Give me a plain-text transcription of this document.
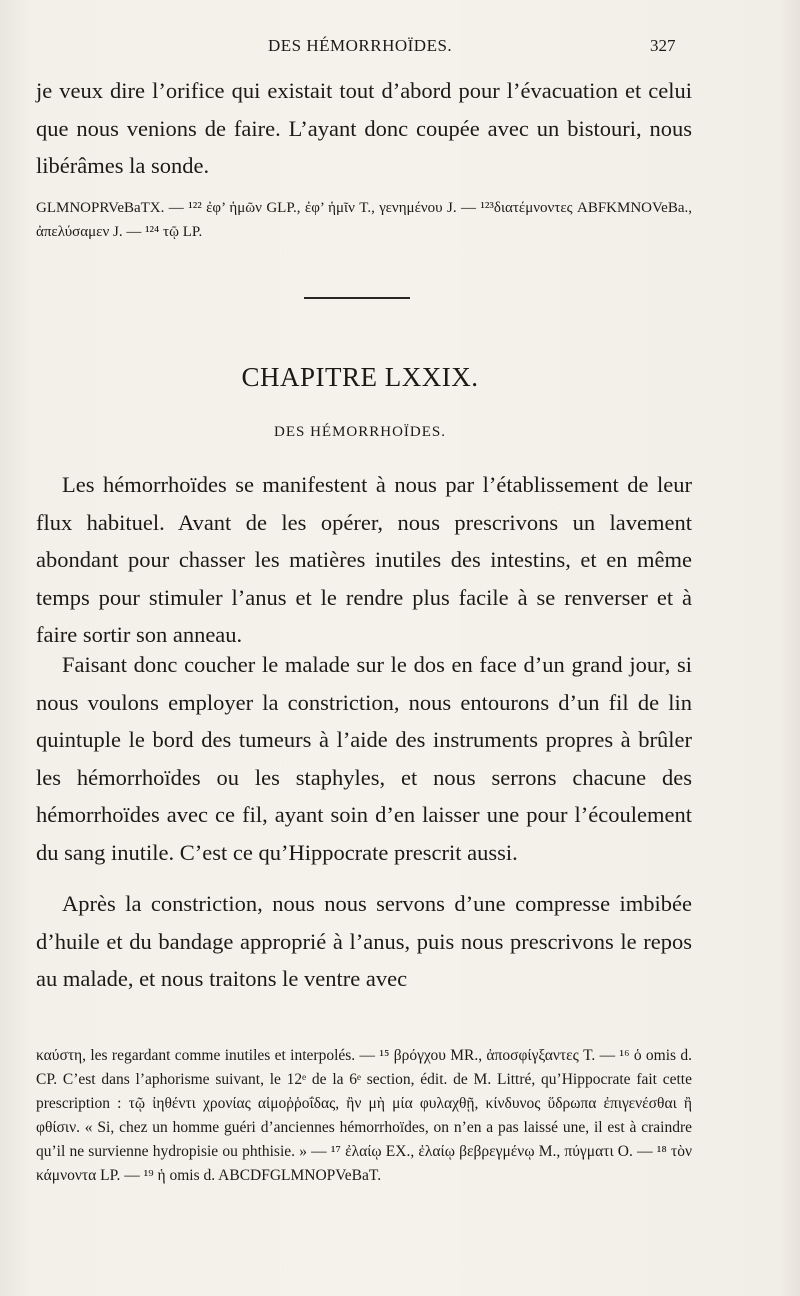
DES HÉMORRHOÏDES.	327

je veux dire l’orifice qui existait tout d’abord pour l’évacuation et celui que nous venions de faire. L’ayant donc coupée avec un bistouri, nous libérâmes la sonde.

GLMNOPRVeBaTX. — ¹²² ἐφ’ ἡμῶν GLP., ἐφ’ ἡμῖν T., γενημένου J. — ¹²³διατέμνοντες ABFKMNOVeBa., ἀπελύσαμεν J. — ¹²⁴ τῷ LP.

CHAPITRE LXXIX.
DES HÉMORRHOÏDES.

Les hémorrhoïdes se manifestent à nous par l’établissement de leur flux habituel. Avant de les opérer, nous prescrivons un lavement abondant pour chasser les matières inutiles des intestins, et en même temps pour stimuler l’anus et le rendre plus facile à se renverser et à faire sortir son anneau.

Faisant donc coucher le malade sur le dos en face d’un grand jour, si nous voulons employer la constriction, nous entourons d’un fil de lin quintuple le bord des tumeurs à l’aide des instruments propres à brûler les hémorrhoïdes ou les staphyles, et nous serrons chacune des hémorrhoïdes avec ce fil, ayant soin d’en laisser une pour l’écoulement du sang inutile. C’est ce qu’Hippocrate prescrit aussi.

Après la constriction, nous nous servons d’une compresse imbibée d’huile et du bandage approprié à l’anus, puis nous prescrivons le repos au malade, et nous traitons le ventre avec

καύστη, les regardant comme inutiles et interpolés. — ¹⁵ βρόγχου MR., ἀποσφίγξαντες T. — ¹⁶ ὁ omis d. CP. C’est dans l’aphorisme suivant, le 12ᵉ de la 6ᵉ section, édit. de M. Littré, qu’Hippocrate fait cette prescription : τῷ ἰηθέντι χρονίας αἱμοῤῥοΐδας, ἢν μὴ μία φυλαχθῇ, κίνδυνος ὕδρωπα ἐπιγενέσθαι ἢ φθίσιν. « Si, chez un homme guéri d’anciennes hémorrhoïdes, on n’en a pas laissé une, il est à craindre qu’il ne survienne hydropisie ou phthisie. » — ¹⁷ ἐλαίῳ EX., ἐλαίῳ βεβρεγμένῳ M., πύγματι O. — ¹⁸ τὸν κάμνοντα LP. — ¹⁹ ἡ omis d. ABCDFGLMNOPVeBaT.
